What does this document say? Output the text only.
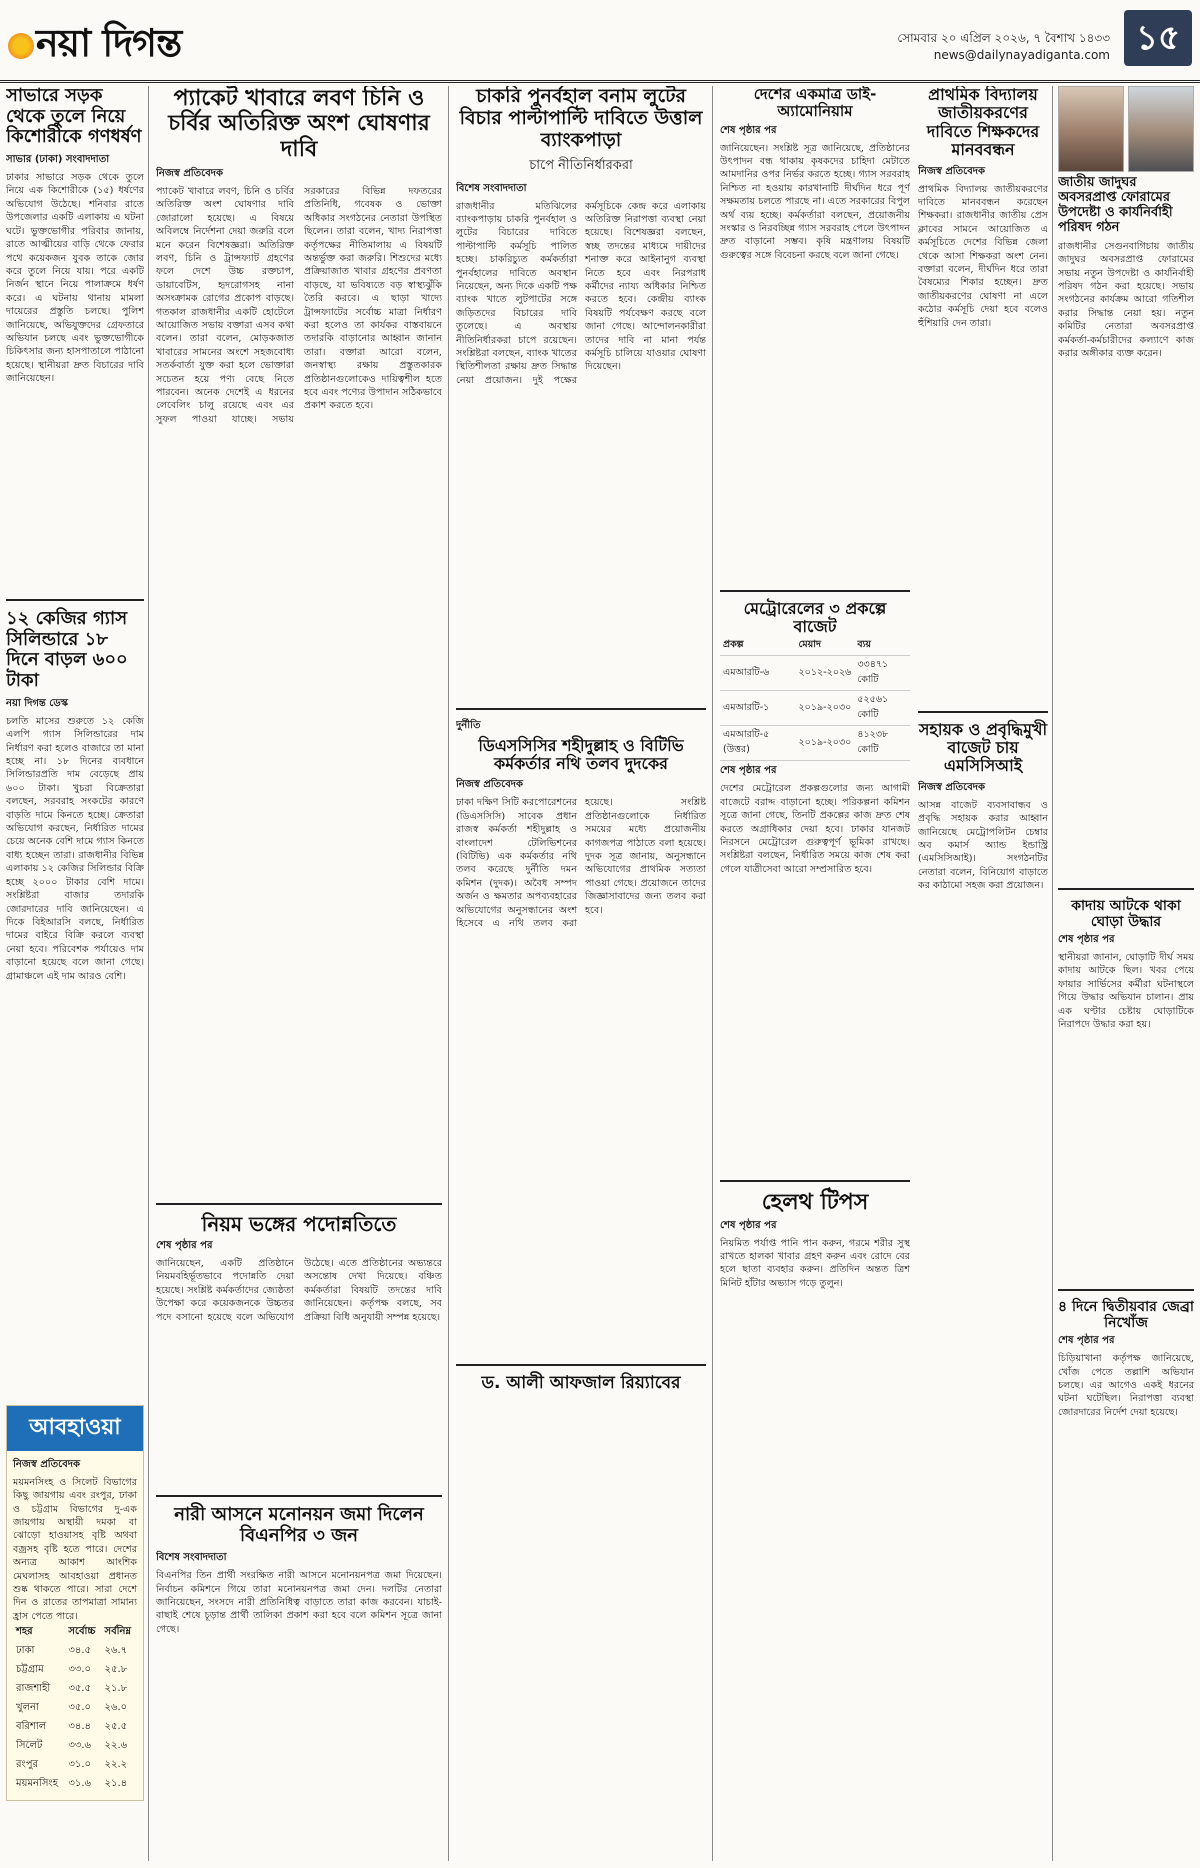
নয়া দিগন্ত	সোমবার ২০ এপ্রিল ২০২৬, ৭ বৈশাখ ১৪৩৩
news@dailynayadiganta.com ১৫
সাভারে সড়ক থেকে তুলে নিয়ে কিশোরীকে গণধর্ষণ
সাভার (ঢাকা) সংবাদদাতা

ঢাকার সাভারে সড়ক থেকে তুলে নিয়ে এক কিশোরীকে (১৫) ধর্ষণের অভিযোগ উঠেছে। শনিবার রাতে উপজেলার একটি এলাকায় এ ঘটনা ঘটে। ভুক্তভোগীর পরিবার জানায়, রাতে আত্মীয়ের বাড়ি থেকে ফেরার পথে কয়েকজন যুবক তাকে জোর করে তুলে নিয়ে যায়। পরে একটি নির্জন স্থানে নিয়ে পালাক্রমে ধর্ষণ করে। এ ঘটনায় থানায় মামলা দায়েরের প্রস্তুতি চলছে। পুলিশ জানিয়েছে, অভিযুক্তদের গ্রেফতারে অভিযান চলছে এবং ভুক্তভোগীকে চিকিৎসার জন্য হাসপাতালে পাঠানো হয়েছে। স্থানীয়রা দ্রুত বিচারের দাবি জানিয়েছেন।

১২ কেজির গ্যাস সিলিন্ডারে ১৮ দিনে বাড়ল ৬০০ টাকা
নয়া দিগন্ত ডেস্ক

চলতি মাসের শুরুতে ১২ কেজি এলপি গ্যাস সিলিন্ডারের দাম নির্ধারণ করা হলেও বাজারে তা মানা হচ্ছে না। ১৮ দিনের ব্যবধানে সিলিন্ডারপ্রতি দাম বেড়েছে প্রায় ৬০০ টাকা। খুচরা বিক্রেতারা বলছেন, সরবরাহ সংকটের কারণে বাড়তি দামে কিনতে হচ্ছে। ক্রেতারা অভিযোগ করছেন, নির্ধারিত দামের চেয়ে অনেক বেশি দামে গ্যাস কিনতে বাধ্য হচ্ছেন তারা। রাজধানীর বিভিন্ন এলাকায় ১২ কেজির সিলিন্ডার বিক্রি হচ্ছে ২০০০ টাকার বেশি দামে। সংশ্লিষ্টরা বাজার তদারকি জোরদারের দাবি জানিয়েছেন। এ দিকে বিইআরসি বলছে, নির্ধারিত দামের বাইরে বিক্রি করলে ব্যবস্থা নেয়া হবে। পরিবেশক পর্যায়েও দাম বাড়ানো হয়েছে বলে জানা গেছে। গ্রামাঞ্চলে এই দাম আরও বেশি।

আবহাওয়া
নিজস্ব প্রতিবেদক

ময়মনসিংহ ও সিলেট বিভাগের কিছু জায়গায় এবং রংপুর, ঢাকা ও চট্টগ্রাম বিভাগের দু-এক জায়গায় অস্থায়ী দমকা বা ঝোড়ো হাওয়াসহ বৃষ্টি অথবা বজ্রসহ বৃষ্টি হতে পারে। দেশের অন্যত্র আকাশ আংশিক মেঘলাসহ আবহাওয়া প্রধানত শুষ্ক থাকতে পারে। সারা দেশে দিন ও রাতের তাপমাত্রা সামান্য হ্রাস পেতে পারে।

শহর	সর্বোচ্চ	সর্বনিম্ন
ঢাকা	৩৪.৫	২৬.৭
চট্টগ্রাম	৩৩.০	২৫.৮
রাজশাহী	৩৫.৫	২১.৮
খুলনা	৩৫.০	২৬.০
বরিশাল	৩৪.৪	২৫.৫
সিলেট	৩৩.৬	২২.৬
রংপুর	৩১.০	২২.২
ময়মনসিংহ	৩১.৬	২১.৪
প্যাকেট খাবারে লবণ চিনি ও চর্বির অতিরিক্ত অংশ ঘোষণার দাবি
নিজস্ব প্রতিবেদক

প্যাকেট খাবারে লবণ, চিনি ও চর্বির অতিরিক্ত অংশ ঘোষণার দাবি জোরালো হয়েছে। এ বিষয়ে অবিলম্বে নির্দেশনা দেয়া জরুরি বলে মনে করেন বিশেষজ্ঞরা। অতিরিক্ত লবণ, চিনি ও ট্রান্সফ্যাট গ্রহণের ফলে দেশে উচ্চ রক্তচাপ, ডায়াবেটিস, হৃদরোগসহ নানা অসংক্রামক রোগের প্রকোপ বাড়ছে। গতকাল রাজধানীর একটি হোটেলে আয়োজিত সভায় বক্তারা এসব কথা বলেন। তারা বলেন, মোড়কজাত খাবারের সামনের অংশে সহজবোধ্য সতর্কবার্তা যুক্ত করা হলে ভোক্তারা সচেতন হয়ে পণ্য বেছে নিতে পারবেন। অনেক দেশেই এ ধরনের লেবেলিং চালু রয়েছে এবং এর সুফল পাওয়া যাচ্ছে। সভায় সরকারের বিভিন্ন দফতরের প্রতিনিধি, গবেষক ও ভোক্তা অধিকার সংগঠনের নেতারা উপস্থিত ছিলেন। তারা বলেন, খাদ্য নিরাপত্তা কর্তৃপক্ষের নীতিমালায় এ বিষয়টি অন্তর্ভুক্ত করা জরুরি। শিশুদের মধ্যে প্রক্রিয়াজাত খাবার গ্রহণের প্রবণতা বাড়ছে, যা ভবিষ্যতে বড় স্বাস্থ্যঝুঁকি তৈরি করবে। এ ছাড়া খাদ্যে ট্রান্সফ্যাটের সর্বোচ্চ মাত্রা নির্ধারণ করা হলেও তা কার্যকর বাস্তবায়নে তদারকি বাড়ানোর আহ্বান জানান তারা। বক্তারা আরো বলেন, জনস্বাস্থ্য রক্ষায় প্রস্তুতকারক প্রতিষ্ঠানগুলোকেও দায়িত্বশীল হতে হবে এবং পণ্যের উপাদান সঠিকভাবে প্রকাশ করতে হবে।

নিয়ম ভঙ্গের পদোন্নতিতে
শেষ পৃষ্ঠার পর

জানিয়েছেন, একটি প্রতিষ্ঠানে নিয়মবহির্ভূতভাবে পদোন্নতি দেয়া হয়েছে। সংশ্লিষ্ট কর্মকর্তাদের জ্যেষ্ঠতা উপেক্ষা করে কয়েকজনকে উচ্চতর পদে বসানো হয়েছে বলে অভিযোগ উঠেছে। এতে প্রতিষ্ঠানের অভ্যন্তরে অসন্তোষ দেখা দিয়েছে। বঞ্চিত কর্মকর্তারা বিষয়টি তদন্তের দাবি জানিয়েছেন। কর্তৃপক্ষ বলছে, সব প্রক্রিয়া বিধি অনুযায়ী সম্পন্ন হয়েছে।

নারী আসনে মনোনয়ন জমা দিলেন বিএনপির ৩ জন
বিশেষ সংবাদদাতা

বিএনপির তিন প্রার্থী সংরক্ষিত নারী আসনে মনোনয়নপত্র জমা দিয়েছেন। নির্বাচন কমিশনে গিয়ে তারা মনোনয়নপত্র জমা দেন। দলটির নেতারা জানিয়েছেন, সংসদে নারী প্রতিনিধিত্ব বাড়াতে তারা কাজ করবেন। যাচাই-বাছাই শেষে চূড়ান্ত প্রার্থী তালিকা প্রকাশ করা হবে বলে কমিশন সূত্রে জানা গেছে।

চাকরি পুনর্বহাল বনাম লুটের বিচার পাল্টাপাল্টি দাবিতে উত্তাল ব্যাংকপাড়া
চাপে নীতিনির্ধারকরা
বিশেষ সংবাদদাতা

রাজধানীর মতিঝিলের ব্যাংকপাড়ায় চাকরি পুনর্বহাল ও লুটের বিচারের দাবিতে পাল্টাপাল্টি কর্মসূচি পালিত হচ্ছে। চাকরিচ্যুত কর্মকর্তারা পুনর্বহালের দাবিতে অবস্থান নিয়েছেন, অন্য দিকে একটি পক্ষ ব্যাংক খাতে লুটপাটের সঙ্গে জড়িতদের বিচারের দাবি তুলেছে। এ অবস্থায় নীতিনির্ধারকরা চাপে রয়েছেন। সংশ্লিষ্টরা বলছেন, ব্যাংক খাতের স্থিতিশীলতা রক্ষায় দ্রুত সিদ্ধান্ত নেয়া প্রয়োজন। দুই পক্ষের কর্মসূচিকে কেন্দ্র করে এলাকায় অতিরিক্ত নিরাপত্তা ব্যবস্থা নেয়া হয়েছে। বিশেষজ্ঞরা বলছেন, স্বচ্ছ তদন্তের মাধ্যমে দায়ীদের শনাক্ত করে আইনানুগ ব্যবস্থা নিতে হবে এবং নিরপরাধ কর্মীদের ন্যায্য অধিকার নিশ্চিত করতে হবে। কেন্দ্রীয় ব্যাংক বিষয়টি পর্যবেক্ষণ করছে বলে জানা গেছে। আন্দোলনকারীরা তাদের দাবি না মানা পর্যন্ত কর্মসূচি চালিয়ে যাওয়ার ঘোষণা দিয়েছেন।

দুর্নীতি
ডিএসসিসির শহীদুল্লাহ ও বিটিভি কর্মকর্তার নথি তলব দুদকের
নিজস্ব প্রতিবেদক

ঢাকা দক্ষিণ সিটি করপোরেশনের (ডিএসসিসি) সাবেক প্রধান রাজস্ব কর্মকর্তা শহীদুল্লাহ ও বাংলাদেশ টেলিভিশনের (বিটিভি) এক কর্মকর্তার নথি তলব করেছে দুর্নীতি দমন কমিশন (দুদক)। অবৈধ সম্পদ অর্জন ও ক্ষমতার অপব্যবহারের অভিযোগের অনুসন্ধানের অংশ হিসেবে এ নথি তলব করা হয়েছে। সংশ্লিষ্ট প্রতিষ্ঠানগুলোকে নির্ধারিত সময়ের মধ্যে প্রয়োজনীয় কাগজপত্র পাঠাতে বলা হয়েছে। দুদক সূত্র জানায়, অনুসন্ধানে অভিযোগের প্রাথমিক সত্যতা পাওয়া গেছে। প্রয়োজনে তাদের জিজ্ঞাসাবাদের জন্য তলব করা হবে।

ড. আলী আফজাল রিয়্যাবের
দেশের একমাত্র ডাই-অ্যামোনিয়াম
শেষ পৃষ্ঠার পর

জানিয়েছেন। সংশ্লিষ্ট সূত্র জানিয়েছে, প্রতিষ্ঠানের উৎপাদন বন্ধ থাকায় কৃষকদের চাহিদা মেটাতে আমদানির ওপর নির্ভর করতে হচ্ছে। গ্যাস সরবরাহ নিশ্চিত না হওয়ায় কারখানাটি দীর্ঘদিন ধরে পূর্ণ সক্ষমতায় চলতে পারছে না। এতে সরকারের বিপুল অর্থ ব্যয় হচ্ছে। কর্মকর্তারা বলছেন, প্রয়োজনীয় সংস্কার ও নিরবচ্ছিন্ন গ্যাস সরবরাহ পেলে উৎপাদন দ্রুত বাড়ানো সম্ভব। কৃষি মন্ত্রণালয় বিষয়টি গুরুত্বের সঙ্গে বিবেচনা করছে বলে জানা গেছে।

মেট্রোরেলের ৩ প্রকল্পে বাজেট
প্রকল্প	মেয়াদ	ব্যয়
এমআরটি-৬	২০১২-২০২৬	৩৩৪৭১ কোটি
এমআরটি-১	২০১৯-২০৩০	৫২৫৬১ কোটি
এমআরটি-৫ (উত্তর)	২০১৯-২০৩০	৪১২৩৮ কোটি
শেষ পৃষ্ঠার পর

দেশের মেট্রোরেল প্রকল্পগুলোর জন্য আগামী বাজেটে বরাদ্দ বাড়ানো হচ্ছে। পরিকল্পনা কমিশন সূত্রে জানা গেছে, তিনটি প্রকল্পের কাজ দ্রুত শেষ করতে অগ্রাধিকার দেয়া হবে। ঢাকার যানজট নিরসনে মেট্রোরেল গুরুত্বপূর্ণ ভূমিকা রাখছে। সংশ্লিষ্টরা বলছেন, নির্ধারিত সময়ে কাজ শেষ করা গেলে যাত্রীসেবা আরো সম্প্রসারিত হবে।

হেলথ টিপস
শেষ পৃষ্ঠার পর

নিয়মিত পর্যাপ্ত পানি পান করুন, গরমে শরীর সুস্থ রাখতে হালকা খাবার গ্রহণ করুন এবং রোদে বের হলে ছাতা ব্যবহার করুন। প্রতিদিন অন্তত ত্রিশ মিনিট হাঁটার অভ্যাস গড়ে তুলুন।

প্রাথমিক বিদ্যালয় জাতীয়করণের দাবিতে শিক্ষকদের মানববন্ধন
নিজস্ব প্রতিবেদক

প্রাথমিক বিদ্যালয় জাতীয়করণের দাবিতে মানববন্ধন করেছেন শিক্ষকরা। রাজধানীর জাতীয় প্রেস ক্লাবের সামনে আয়োজিত এ কর্মসূচিতে দেশের বিভিন্ন জেলা থেকে আসা শিক্ষকরা অংশ নেন। বক্তারা বলেন, দীর্ঘদিন ধরে তারা বৈষম্যের শিকার হচ্ছেন। দ্রুত জাতীয়করণের ঘোষণা না এলে কঠোর কর্মসূচি দেয়া হবে বলেও হুঁশিয়ারি দেন তারা।

সহায়ক ও প্রবৃদ্ধিমুখী বাজেট চায় এমসিসিআই
নিজস্ব প্রতিবেদক

আসন্ন বাজেট ব্যবসাবান্ধব ও প্রবৃদ্ধি সহায়ক করার আহ্বান জানিয়েছে মেট্রোপলিটন চেম্বার অব কমার্স অ্যান্ড ইন্ডাস্ট্রি (এমসিসিআই)। সংগঠনটির নেতারা বলেন, বিনিয়োগ বাড়াতে কর কাঠামো সহজ করা প্রয়োজন।

জাতীয় জাদুঘর অবসরপ্রাপ্ত ফোরামের উপদেষ্টা ও কার্যনির্বাহী পরিষদ গঠন

রাজধানীর সেগুনবাগিচায় জাতীয় জাদুঘর অবসরপ্রাপ্ত ফোরামের সভায় নতুন উপদেষ্টা ও কার্যনির্বাহী পরিষদ গঠন করা হয়েছে। সভায় সংগঠনের কার্যক্রম আরো গতিশীল করার সিদ্ধান্ত নেয়া হয়। নতুন কমিটির নেতারা অবসরপ্রাপ্ত কর্মকর্তা-কর্মচারীদের কল্যাণে কাজ করার অঙ্গীকার ব্যক্ত করেন।

কাদায় আটকে থাকা ঘোড়া উদ্ধার
শেষ পৃষ্ঠার পর

স্থানীয়রা জানান, ঘোড়াটি দীর্ঘ সময় কাদায় আটকে ছিল। খবর পেয়ে ফায়ার সার্ভিসের কর্মীরা ঘটনাস্থলে গিয়ে উদ্ধার অভিযান চালান। প্রায় এক ঘণ্টার চেষ্টায় ঘোড়াটিকে নিরাপদে উদ্ধার করা হয়।

৪ দিনে দ্বিতীয়বার জেব্রা নিখোঁজ
শেষ পৃষ্ঠার পর

চিড়িয়াখানা কর্তৃপক্ষ জানিয়েছে, খোঁজ পেতে তল্লাশি অভিযান চলছে। এর আগেও একই ধরনের ঘটনা ঘটেছিল। নিরাপত্তা ব্যবস্থা জোরদারের নির্দেশ দেয়া হয়েছে।
